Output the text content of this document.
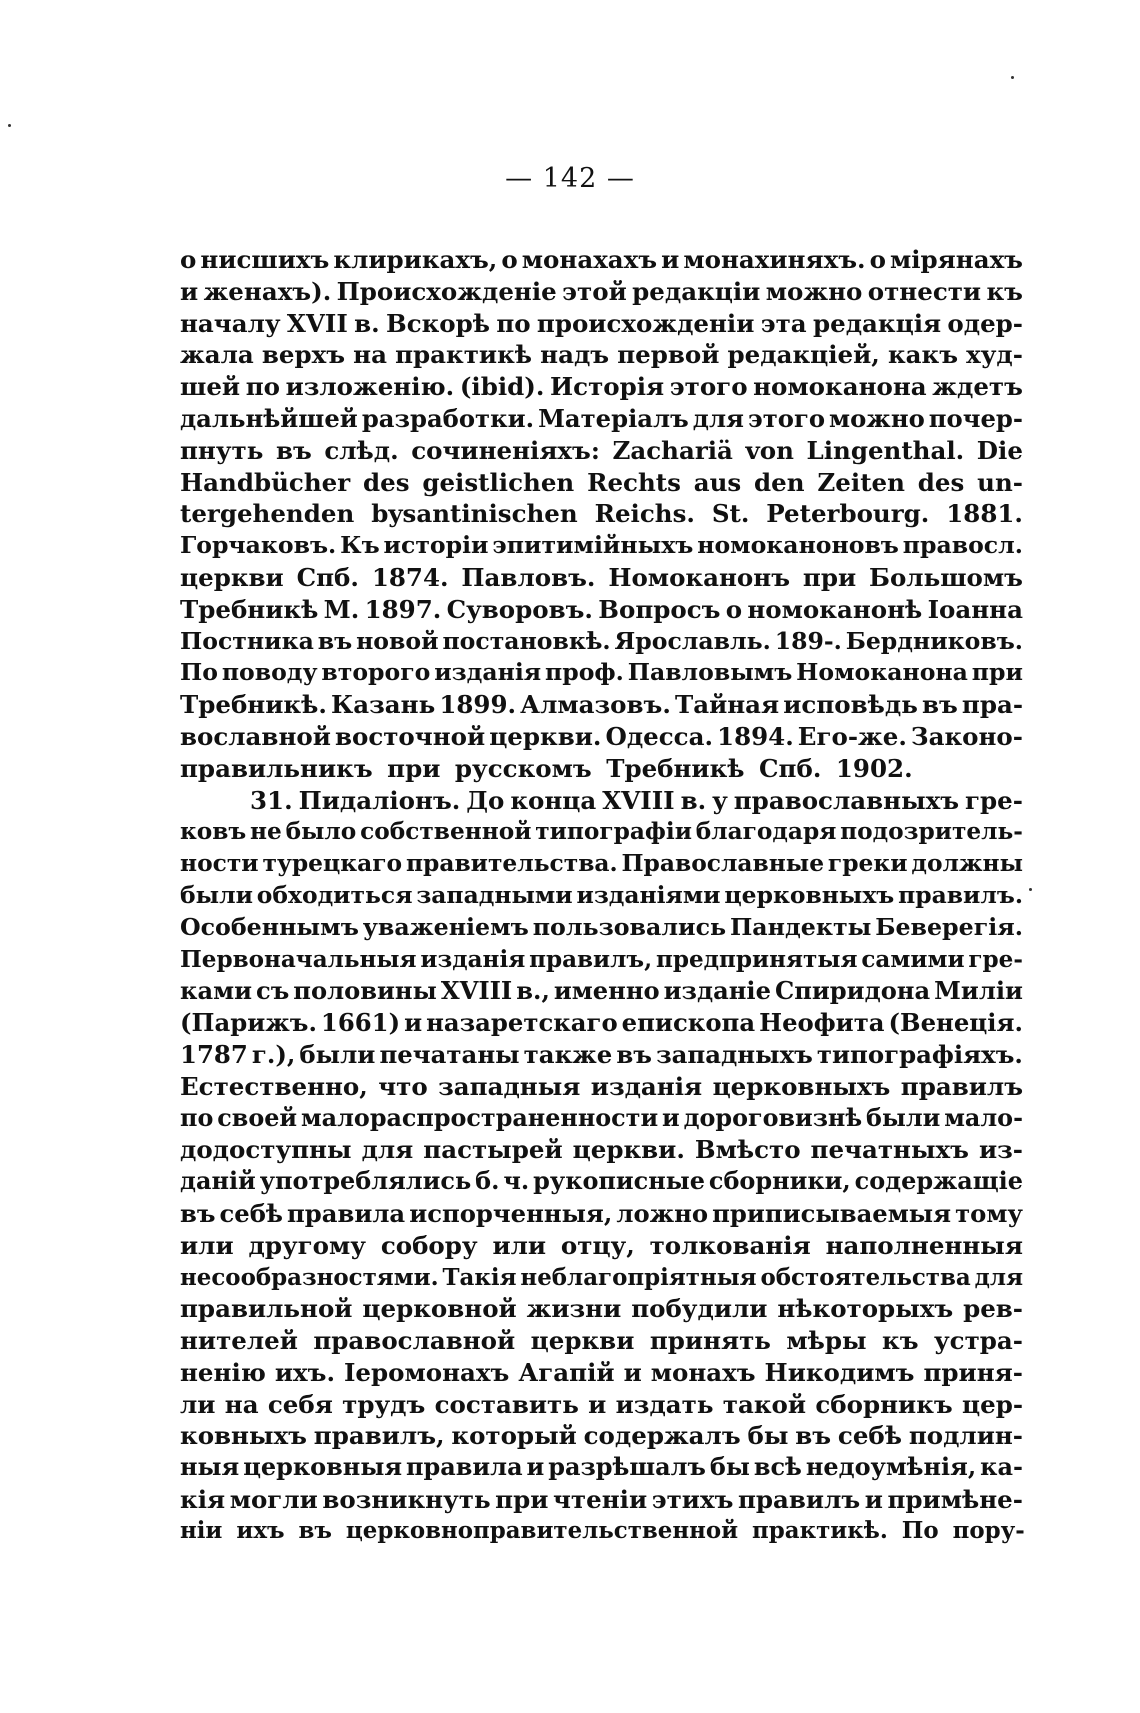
— 142 —
о нисшихъ клирикахъ, о монахахъ и монахиняхъ. о мірянахъ
и женахъ). Происхожденіе этой редакціи можно отнести къ
началу XVII в. Вскорѣ по происхожденіи эта редакція одер-
жала верхъ на практикѣ надъ первой редакціей, какъ худ-
шей по изложенію. (ibid). Исторія этого номоканона ждетъ
дальнѣйшей разработки. Матеріалъ для этого можно почер-
пнуть въ слѣд. сочиненіяхъ: Zachariä von Lingenthal. Die
Handbücher des geistlichen Rechts aus den Zeiten des un-
tergehenden bysantinischen Reichs. St. Peterbourg. 1881.
Горчаковъ. Къ исторіи эпитимійныхъ номоканоновъ правосл.
церкви Спб. 1874. Павловъ. Номоканонъ при Большомъ
Требникѣ М. 1897. Суворовъ. Вопросъ о номоканонѣ Іоанна
Постника въ новой постановкѣ. Ярославль. 189-. Бердниковъ.
По поводу второго изданія проф. Павловымъ Номоканона при
Требникѣ. Казань 1899. Алмазовъ. Тайная исповѣдь въ пра-
вославной восточной церкви. Одесса. 1894. Его-же. Законо-
правильникъ при русскомъ Требникѣ Спб. 1902.
31. Пидаліонъ. До конца XVIII в. у православныхъ гре-
ковъ не было собственной типографіи благодаря подозритель-
ности турецкаго правительства. Православные греки должны
были обходиться западными изданіями церковныхъ правилъ.
Особеннымъ уваженіемъ пользовались Пандекты Беверегія.
Первоначальныя изданія правилъ, предпринятыя самими гре-
ками съ половины XVIII в., именно изданіе Спиридона Миліи
(Парижъ. 1661) и назаретскаго епископа Неофита (Венеція.
1787 г.), были печатаны также въ западныхъ типографіяхъ.
Естественно, что западныя изданія церковныхъ правилъ
по своей малораспространенности и дороговизнѣ были мало-
додоступны для пастырей церкви. Вмѣсто печатныхъ из-
даній употреблялись б. ч. рукописные сборники, содержащіе
въ себѣ правила испорченныя, ложно приписываемыя тому
или другому собору или отцу, толкованія наполненныя
несообразностями. Такія неблагопріятныя обстоятельства для
правильной церковной жизни побудили нѣкоторыхъ рев-
нителей православной церкви принять мѣры къ устра-
ненію ихъ. Іеромонахъ Агапій и монахъ Никодимъ приня-
ли на себя трудъ составить и издать такой сборникъ цер-
ковныхъ правилъ, который содержалъ бы въ себѣ подлин-
ныя церковныя правила и разрѣшалъ бы всѣ недоумѣнія, ка-
кія могли возникнуть при чтеніи этихъ правилъ и примѣне-
ніи ихъ въ церковноправительственной практикѣ. По пору-
